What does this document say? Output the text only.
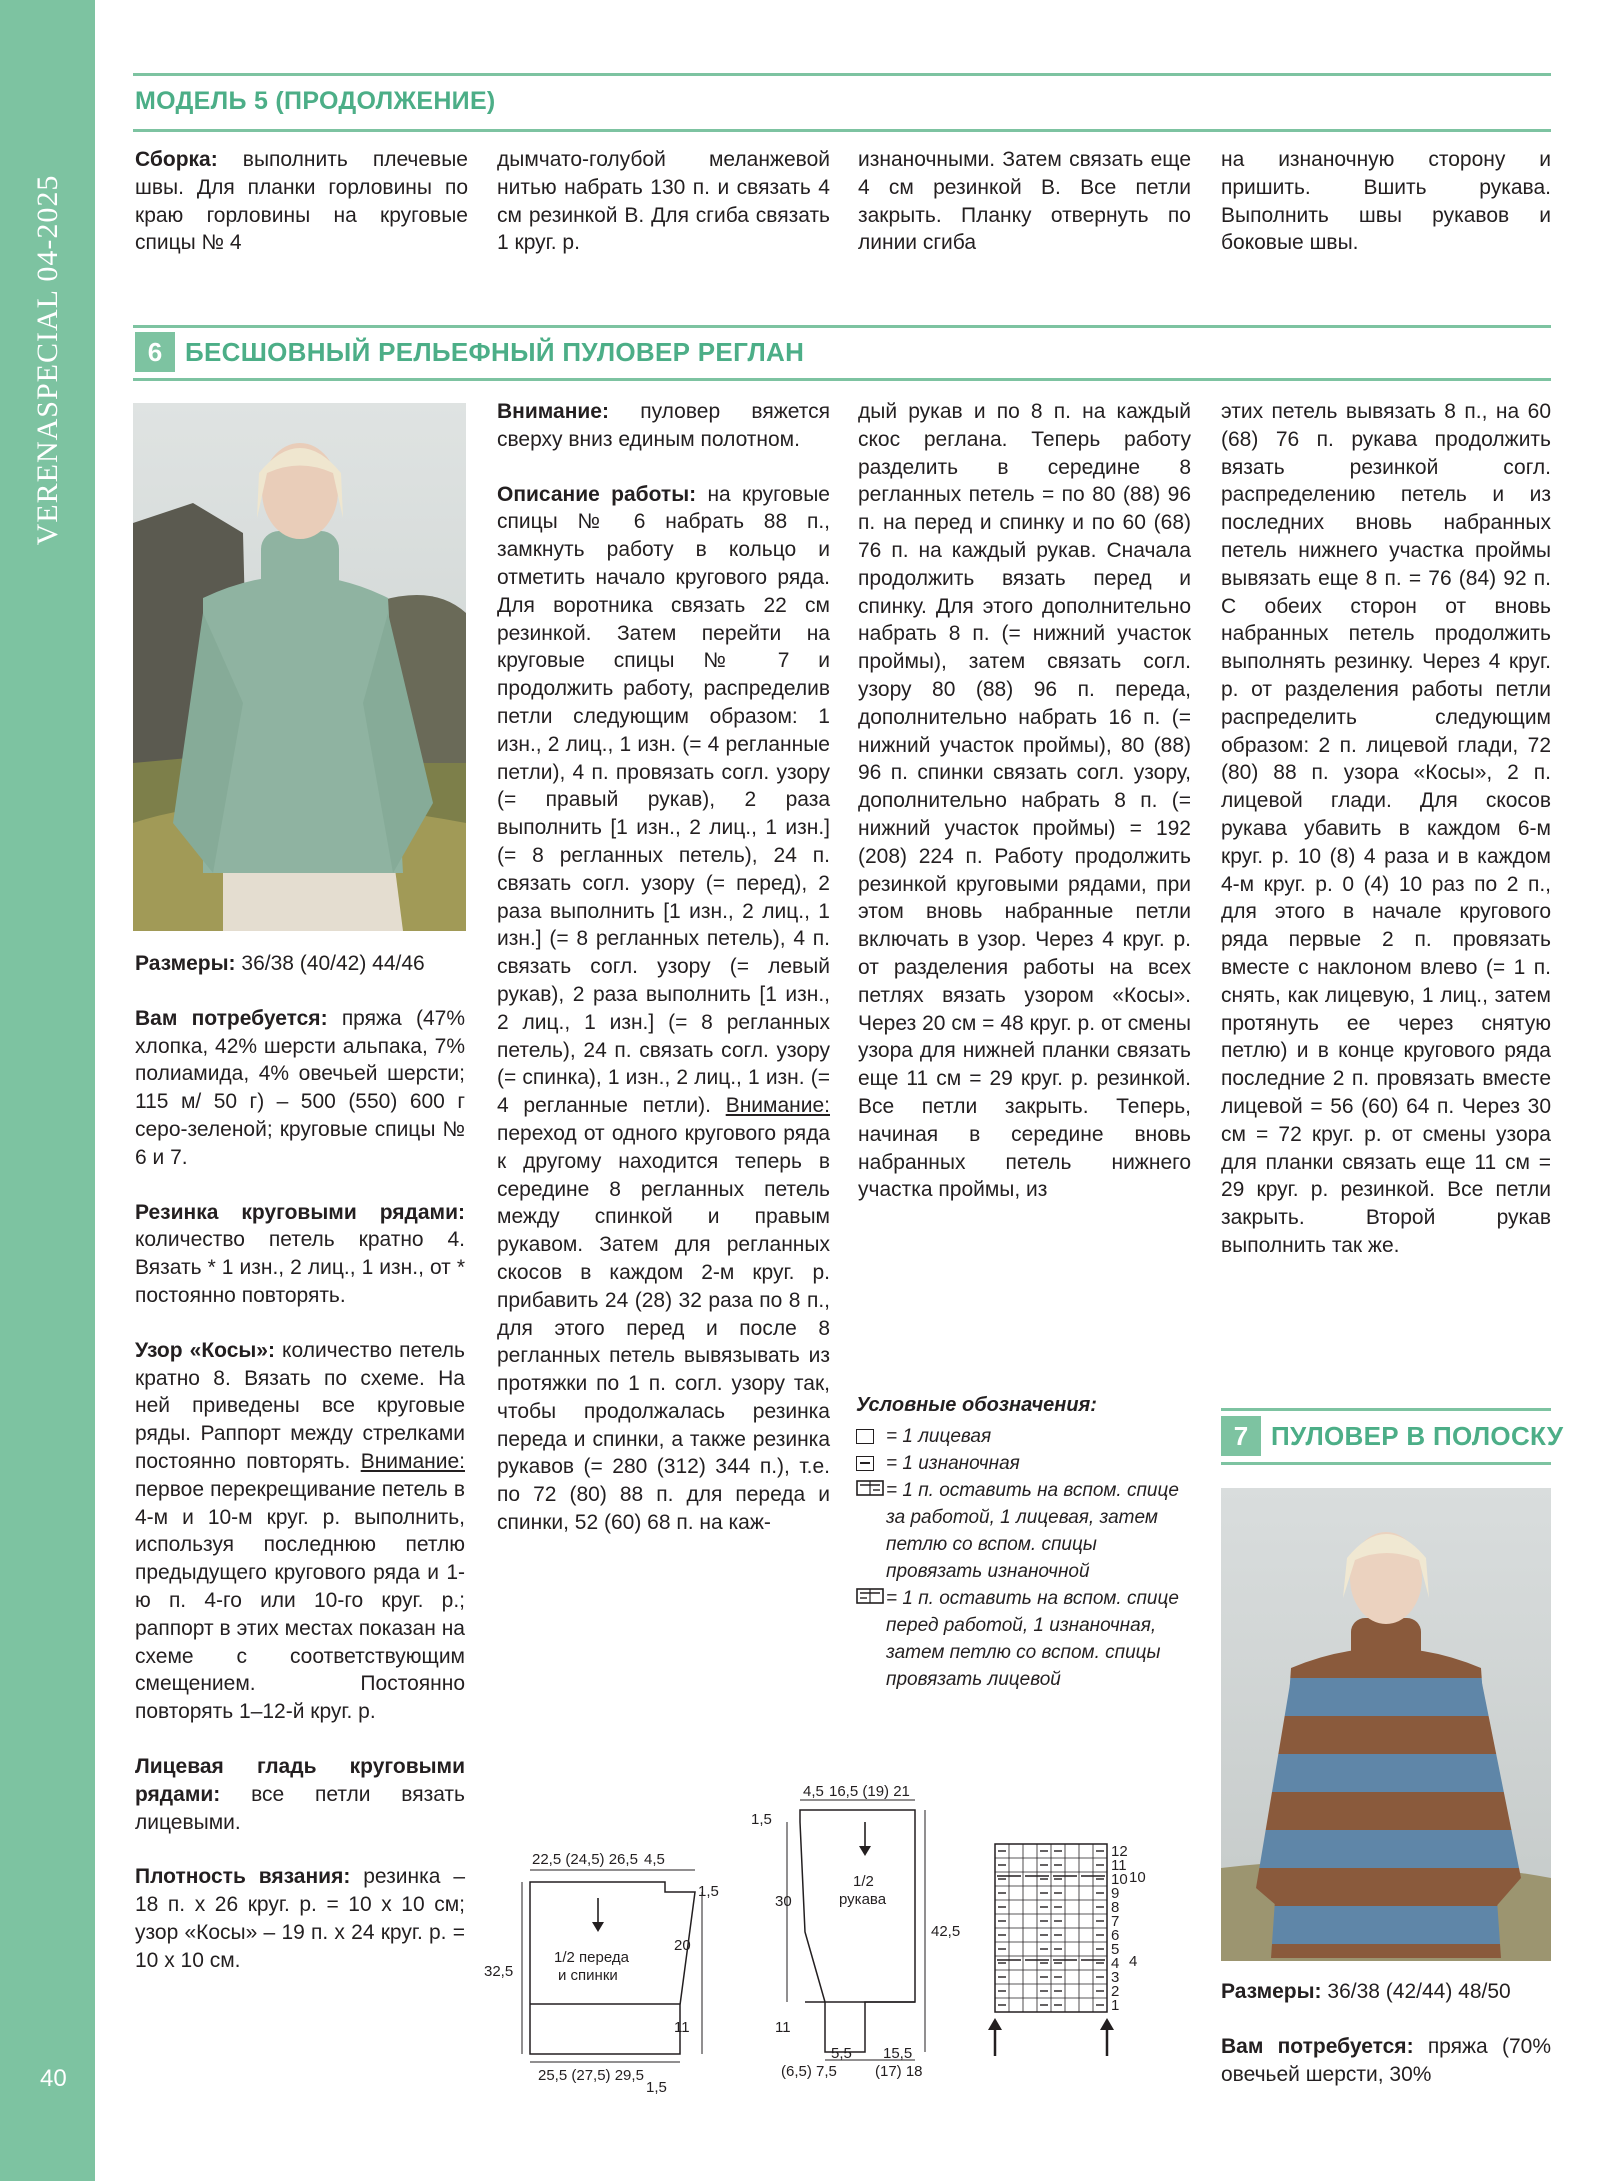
VERENASPECIAL 04-2025
40
МОДЕЛЬ 5 (ПРОДОЛЖЕНИЕ)
Сборка: выполнить плечевые швы. Для планки горловины по краю горловины на круговые спицы № 4
дымчато-голубой меланжевой нитью набрать 130 п. и связать 4 см резинкой В. Для сгиба связать 1 круг. р.
изнаночными. Затем связать еще 4 см резинкой В. Все петли закрыть. Планку отвернуть по линии сгиба
на изнаночную сторону и пришить. Вшить рукава. Выполнить швы рукавов и боковые швы.
6 БЕСШОВНЫЙ РЕЛЬЕФНЫЙ ПУЛОВЕР РЕГЛАН

Размеры: 36/38 (40/42) 44/46

Вам потребуется: пряжа (47% хлопка, 42% шерсти альпака, 7% полиамида, 4% овечьей шерсти; 115 м/ 50 г) – 500 (550) 600 г серо-зеленой; круговые спицы № 6 и 7.

Резинка круговыми рядами: количество петель кратно 4. Вязать * 1 изн., 2 лиц., 1 изн., от * постоянно повторять.

Узор «Косы»: количество петель кратно 8. Вязать по схеме. На ней приведены все круговые ряды. Раппорт между стрелками постоянно повторять. Внимание: первое перекрещивание петель в 4-м и 10-м круг. р. выполнить, используя последнюю петлю предыдущего кругового ряда и 1-ю п. 4-го или 10-го круг. р.; раппорт в этих местах показан на схеме с соответствующим смещением. Постоянно повторять 1–12-й круг. р.

Лицевая гладь круговыми рядами: все петли вязать лицевыми.

Плотность вязания: резинка – 18 п. х 26 круг. р. = 10 х 10 см; узор «Косы» – 19 п. х 24 круг. р. = 10 х 10 см.

Внимание: пуловер вяжется сверху вниз единым полотном.

Описание работы: на круговые спицы № 6 набрать 88 п., замкнуть работу в кольцо и отметить начало кругового ряда. Для воротника связать 22 см резинкой. Затем перейти на круговые спицы № 7 и продолжить работу, распределив петли следующим образом: 1 изн., 2 лиц., 1 изн. (= 4 регланные петли), 4 п. провязать согл. узору (= правый рукав), 2 раза выполнить [1 изн., 2 лиц., 1 изн.] (= 8 регланных петель), 24 п. связать согл. узору (= перед), 2 раза выполнить [1 изн., 2 лиц., 1 изн.] (= 8 регланных петель), 4 п. связать согл. узору (= левый рукав), 2 раза выполнить [1 изн., 2 лиц., 1 изн.] (= 8 регланных петель), 24 п. связать согл. узору (= спинка), 1 изн., 2 лиц., 1 изн. (= 4 регланные петли). Внимание: переход от одного кругового ряда к другому находится теперь в середине 8 регланных петель между спинкой и правым рукавом. Затем для регланных скосов в каждом 2-м круг. р. прибавить 24 (28) 32 раза по 8 п., для этого перед и после 8 регланных петель вывязывать из протяжки по 1 п. согл. узору так, чтобы продолжалась резинка переда и спинки, а также резинка рукавов (= 280 (312) 344 п.), т.е. по 72 (80) 88 п. для переда и спинки, 52 (60) 68 п. на каж-

дый рукав и по 8 п. на каждый скос реглана. Теперь работу разделить в середине 8 регланных петель = по 80 (88) 96 п. на перед и спинку и по 60 (68) 76 п. на каждый рукав. Сначала продолжить вязать перед и спинку. Для этого дополнительно набрать 8 п. (= нижний участок проймы), затем связать согл. узору 80 (88) 96 п. переда, дополнительно набрать 16 п. (= нижний участок проймы), 80 (88) 96 п. спинки связать согл. узору, дополнительно набрать 8 п. (= нижний участок проймы) = 192 (208) 224 п. Работу продолжить резинкой круговыми рядами, при этом вновь набранные петли включать в узор. Через 4 круг. р. от разделения работы на всех петлях вязать узором «Косы». Через 20 см = 48 круг. р. от смены узора для нижней планки связать еще 11 см = 29 круг. р. резинкой. Все петли закрыть. Теперь, начиная в середине вновь набранных петель нижнего участка проймы, из
этих петель вывязать 8 п., на 60 (68) 76 п. рукава продолжить вязать резинкой согл. распределению петель и из последних вновь набранных петель нижнего участка проймы вывязать еще 8 п. = 76 (84) 92 п. С обеих сторон от вновь набранных петель продолжить выполнять резинку. Через 4 круг. р. от разделения работы петли распределить следующим образом: 2 п. лицевой глади, 72 (80) 88 п. узора «Косы», 2 п. лицевой глади. Для скосов рукава убавить в каждом 6-м круг. р. 10 (8) 4 раза и в каждом 4-м круг. р. 0 (4) 10 раз по 2 п., для этого в начале кругового ряда первые 2 п. провязать вместе с наклоном влево (= 1 п. снять, как лицевую, 1 лиц., затем протянуть ее через снятую петлю) и в конце кругового ряда последние 2 п. провязать вместе лицевой = 56 (60) 64 п. Через 30 см = 72 круг. р. от смены узора для планки связать еще 11 см = 29 круг. р. резинкой. Все петли закрыть. Второй рукав выполнить так же.
Условные обозначения:
= 1 лицевая
= 1 изнаночная
= 1 п. оставить на вспом. спице за работой, 1 лицевая, затем петлю со вспом. спицы провязать изнаночной
= 1 п. оставить на вспом. спице перед работой, 1 изнаночная, затем петлю со вспом. спицы провязать лицевой
22,5 (24,5) 26,5 4,5
1,5
1/2 переда
и спинки
20
32,5
11
25,5 (27,5) 29,5
1,5
4,5 16,5 (19) 21
1,5
1/2
рукава
30
42,5
11
5,5 15,5
(6,5) 7,5	(17) 18
1
2
3
4
5
6
7
8
9
10
11
12
10
4
7 ПУЛОВЕР В ПОЛОСКУ

Размеры: 36/38 (42/44) 48/50

Вам потребуется: пряжа (70% овечьей шерсти, 30%
